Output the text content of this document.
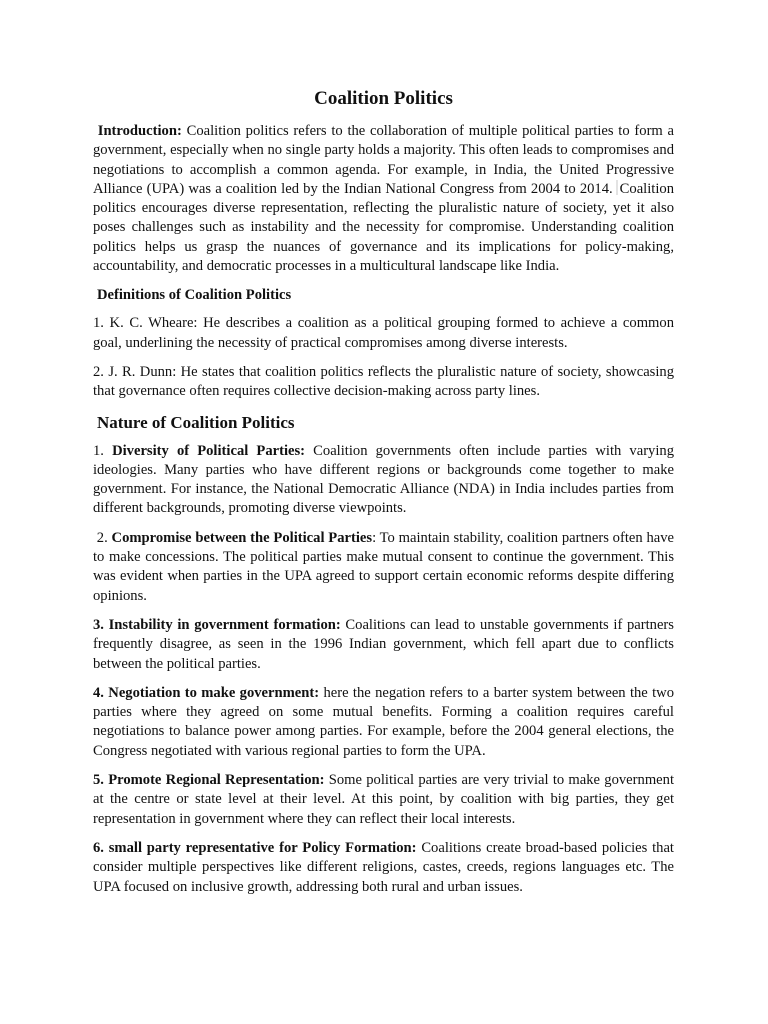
Coalition Politics

Introduction: Coalition politics refers to the collaboration of multiple political parties to form a government, especially when no single party holds a majority. This often leads to compromises and negotiations to accomplish a common agenda. For example, in India, the United Progressive Alliance (UPA) was a coalition led by the Indian National Congress from 2004 to 2014. Coalition politics encourages diverse representation, reflecting the pluralistic nature of society, yet it also poses challenges such as instability and the necessity for compromise. Understanding coalition politics helps us grasp the nuances of governance and its implications for policy-making, accountability, and democratic processes in a multicultural landscape like India.

Definitions of Coalition Politics

1. K. C. Wheare: He describes a coalition as a political grouping formed to achieve a common goal, underlining the necessity of practical compromises among diverse interests.

2. J. R. Dunn: He states that coalition politics reflects the pluralistic nature of society, showcasing that governance often requires collective decision-making across party lines.

Nature of Coalition Politics

1. Diversity of Political Parties: Coalition governments often include parties with varying ideologies. Many parties who have different regions or backgrounds come together to make government. For instance, the National Democratic Alliance (NDA) in India includes parties from different backgrounds, promoting diverse viewpoints.

2. Compromise between the Political Parties: To maintain stability, coalition partners often have to make concessions. The political parties make mutual consent to continue the government. This was evident when parties in the UPA agreed to support certain economic reforms despite differing opinions.

3. Instability in government formation: Coalitions can lead to unstable governments if partners frequently disagree, as seen in the 1996 Indian government, which fell apart due to conflicts between the political parties.

4. Negotiation to make government: here the negation refers to a barter system between the two parties where they agreed on some mutual benefits. Forming a coalition requires careful negotiations to balance power among parties. For example, before the 2004 general elections, the Congress negotiated with various regional parties to form the UPA.

5. Promote Regional Representation: Some political parties are very trivial to make government at the centre or state level at their level. At this point, by coalition with big parties, they get representation in government where they can reflect their local interests.

6. small party representative for Policy Formation: Coalitions create broad-based policies that consider multiple perspectives like different religions, castes, creeds, regions languages etc. The UPA focused on inclusive growth, addressing both rural and urban issues.
